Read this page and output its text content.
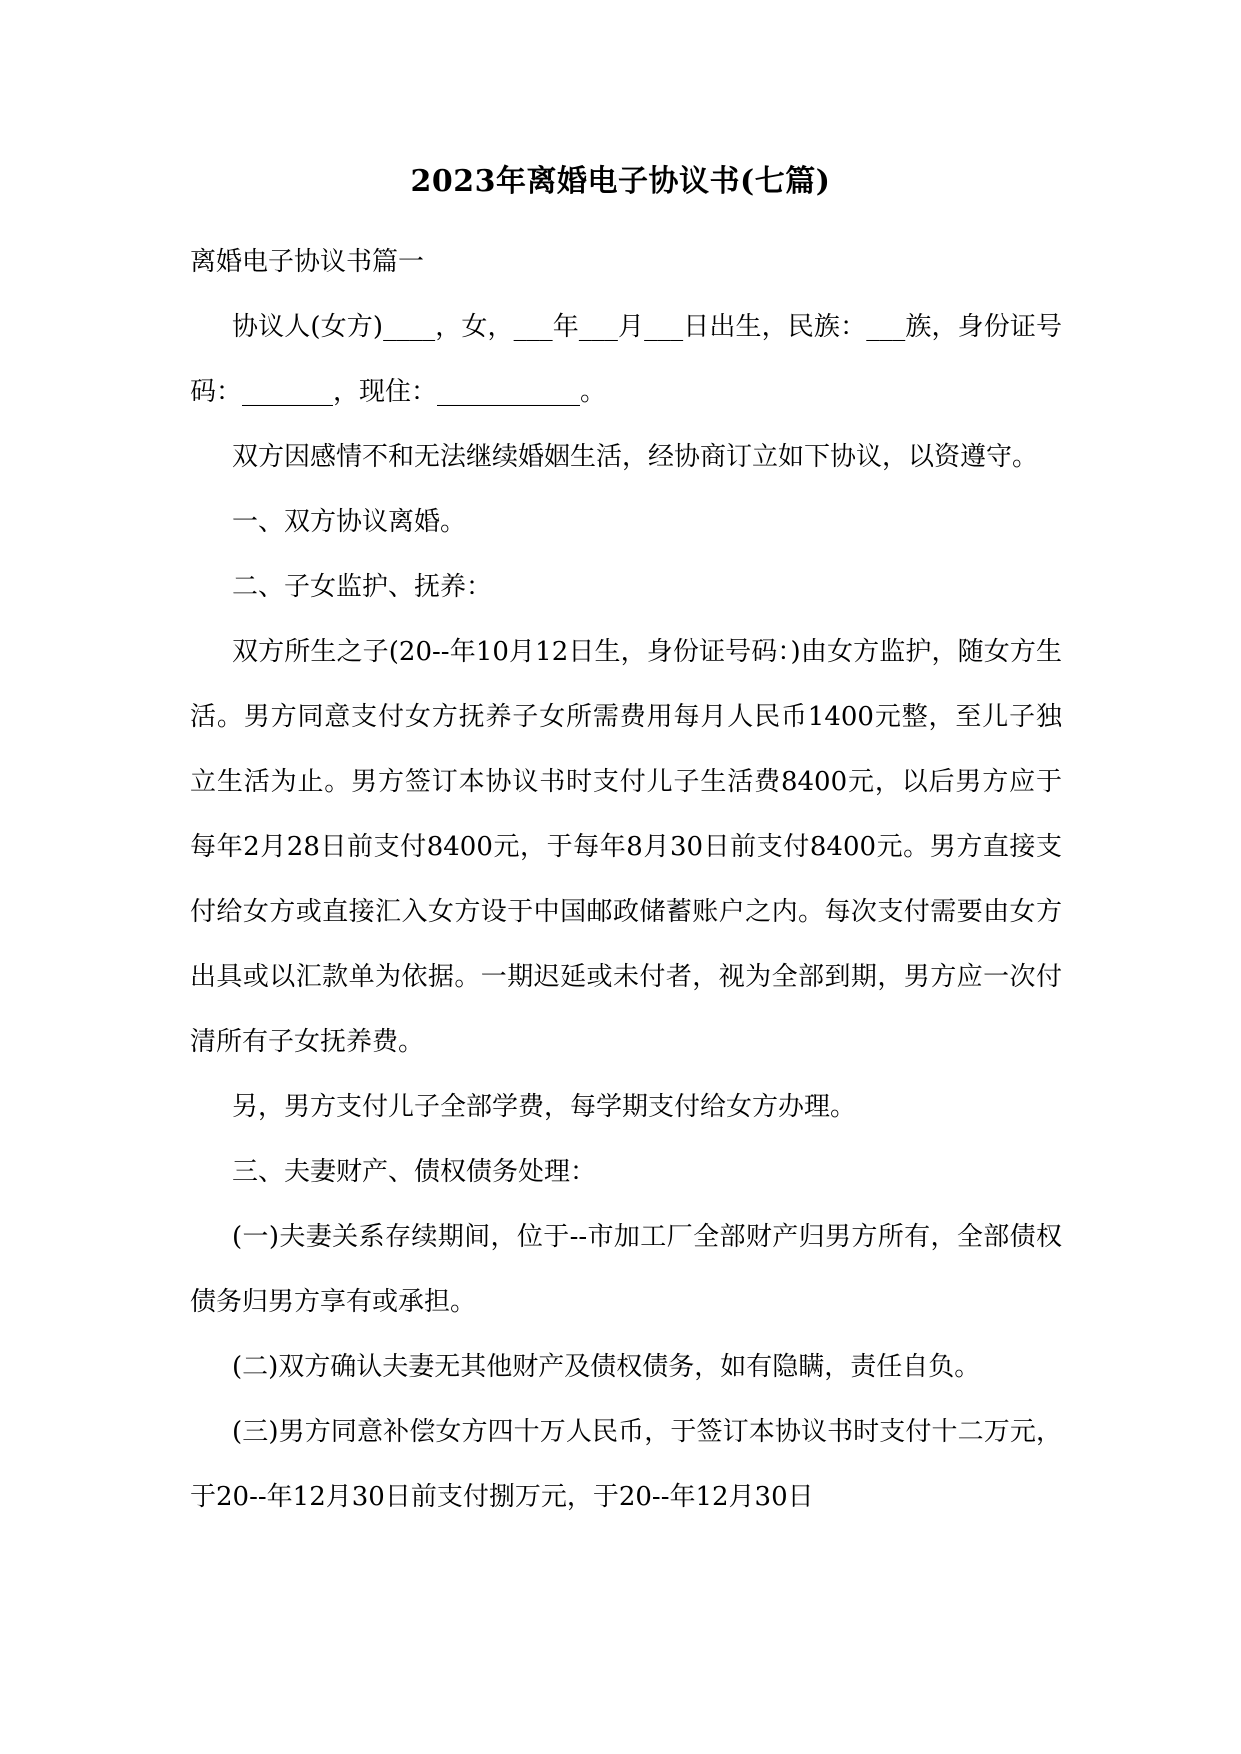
2023年离婚电子协议书(七篇)

离婚电子协议书篇一

协议人(女方)____，女，___年___月___日出生，民族：___族，身份证号码：_______，现住：___________。

双方因感情不和无法继续婚姻生活，经协商订立如下协议，以资遵守。

一、双方协议离婚。

二、子女监护、抚养：

双方所生之子(20--年10月12日生，身份证号码：)由女方监护，随女方生活。男方同意支付女方抚养子女所需费用每月人民币1400元整，至儿子独立生活为止。男方签订本协议书时支付儿子生活费8400元，以后男方应于每年2月28日前支付8400元，于每年8月30日前支付8400元。男方直接支付给女方或直接汇入女方设于中国邮政储蓄账户之内。每次支付需要由女方出具或以汇款单为依据。一期迟延或未付者，视为全部到期，男方应一次付清所有子女抚养费。

另，男方支付儿子全部学费，每学期支付给女方办理。

三、夫妻财产、债权债务处理：

(一)夫妻关系存续期间，位于--市加工厂全部财产归男方所有，全部债权债务归男方享有或承担。

(二)双方确认夫妻无其他财产及债权债务，如有隐瞒，责任自负。

(三)男方同意补偿女方四十万人民币，于签订本协议书时支付十二万元，于20--年12月30日前支付捌万元，于20--年12月30日
